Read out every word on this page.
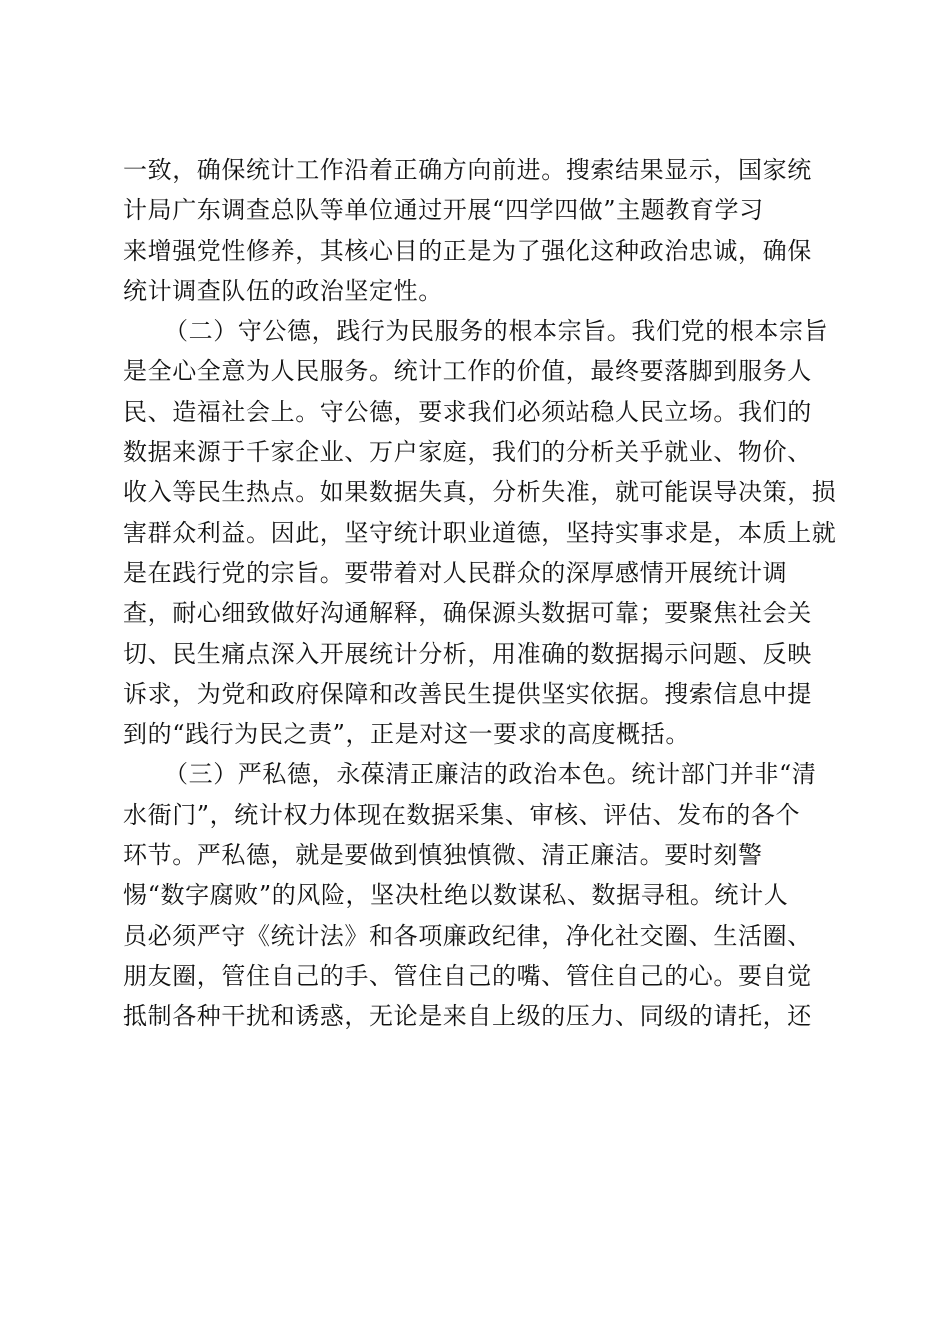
一致，确保统计工作沿着正确方向前进。搜索结果显示，国家统
计局广东调查总队等单位通过开展“四学四做”主题教育学习
来增强党性修养，其核心目的正是为了强化这种政治忠诚，确保
统计调查队伍的政治坚定性。
（二）守公德，践行为民服务的根本宗旨。我们党的根本宗旨
是全心全意为人民服务。统计工作的价值，最终要落脚到服务人
民、造福社会上。守公德，要求我们必须站稳人民立场。我们的
数据来源于千家企业、万户家庭，我们的分析关乎就业、物价、
收入等民生热点。如果数据失真，分析失准，就可能误导决策，损
害群众利益。因此，坚守统计职业道德，坚持实事求是，本质上就
是在践行党的宗旨。要带着对人民群众的深厚感情开展统计调
查，耐心细致做好沟通解释，确保源头数据可靠；要聚焦社会关
切、民生痛点深入开展统计分析，用准确的数据揭示问题、反映
诉求，为党和政府保障和改善民生提供坚实依据。搜索信息中提
到的“践行为民之责”，正是对这一要求的高度概括。
（三）严私德，永葆清正廉洁的政治本色。统计部门并非“清
水衙门”，统计权力体现在数据采集、审核、评估、发布的各个
环节。严私德，就是要做到慎独慎微、清正廉洁。要时刻警
惕“数字腐败”的风险，坚决杜绝以数谋私、数据寻租。统计人
员必须严守《统计法》和各项廉政纪律，净化社交圈、生活圈、
朋友圈，管住自己的手、管住自己的嘴、管住自己的心。要自觉
抵制各种干扰和诱惑，无论是来自上级的压力、同级的请托，还
